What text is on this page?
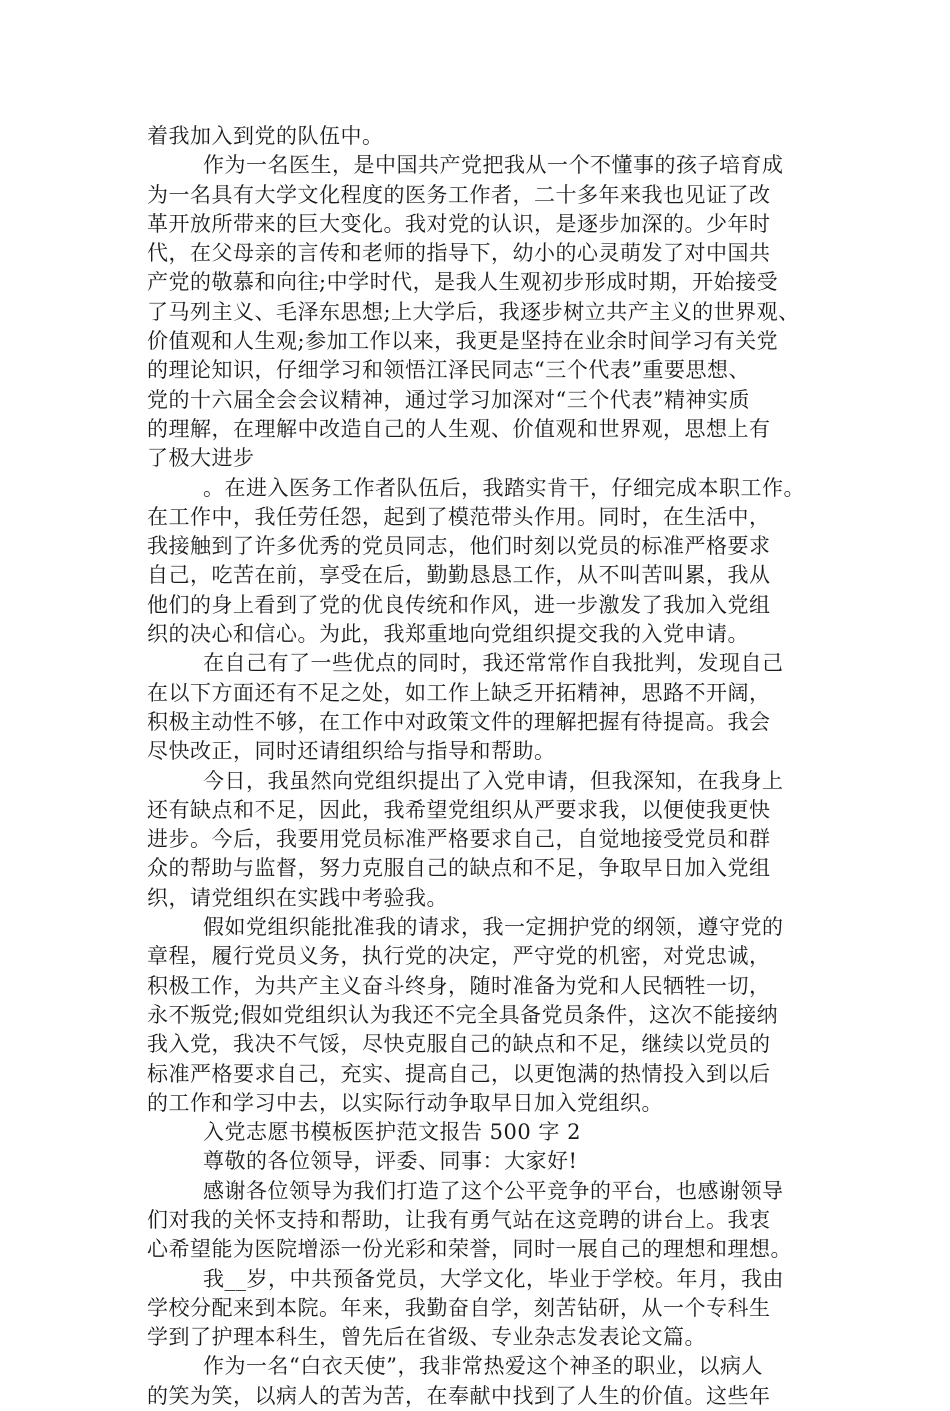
着我加入到党的队伍中。
作为一名医生，是中国共产党把我从一个不懂事的孩子培育成
为一名具有大学文化程度的医务工作者，二十多年来我也见证了改
革开放所带来的巨大变化。我对党的认识，是逐步加深的。少年时
代，在父母亲的言传和老师的指导下，幼小的心灵萌发了对中国共
产党的敬慕和向往;中学时代，是我人生观初步形成时期，开始接受
了马列主义、毛泽东思想;上大学后，我逐步树立共产主义的世界观、
价值观和人生观;参加工作以来，我更是坚持在业余时间学习有关党
的理论知识，仔细学习和领悟江泽民同志“三个代表”重要思想、
党的十六届全会会议精神，通过学习加深对“三个代表”精神实质
的理解，在理解中改造自己的人生观、价值观和世界观，思想上有
了极大进步
。在进入医务工作者队伍后，我踏实肯干，仔细完成本职工作。
在工作中，我任劳任怨，起到了模范带头作用。同时，在生活中，
我接触到了许多优秀的党员同志，他们时刻以党员的标准严格要求
自己，吃苦在前，享受在后，勤勤恳恳工作，从不叫苦叫累，我从
他们的身上看到了党的优良传统和作风，进一步激发了我加入党组
织的决心和信心。为此，我郑重地向党组织提交我的入党申请。
在自己有了一些优点的同时，我还常常作自我批判，发现自己
在以下方面还有不足之处，如工作上缺乏开拓精神，思路不开阔，
积极主动性不够，在工作中对政策文件的理解把握有待提高。我会
尽快改正，同时还请组织给与指导和帮助。
今日，我虽然向党组织提出了入党申请，但我深知，在我身上
还有缺点和不足，因此，我希望党组织从严要求我，以便使我更快
进步。今后，我要用党员标准严格要求自己，自觉地接受党员和群
众的帮助与监督，努力克服自己的缺点和不足，争取早日加入党组
织，请党组织在实践中考验我。
假如党组织能批准我的请求，我一定拥护党的纲领，遵守党的
章程，履行党员义务，执行党的决定，严守党的机密，对党忠诚，
积极工作，为共产主义奋斗终身，随时准备为党和人民牺牲一切，
永不叛党;假如党组织认为我还不完全具备党员条件，这次不能接纳
我入党，我决不气馁，尽快克服自己的缺点和不足，继续以党员的
标准严格要求自己，充实、提高自己，以更饱满的热情投入到以后
的工作和学习中去，以实际行动争取早日加入党组织。
入党志愿书模板医护范文报告 500 字 2
尊敬的各位领导，评委、同事：大家好!
感谢各位领导为我们打造了这个公平竞争的平台，也感谢领导
们对我的关怀支持和帮助，让我有勇气站在这竞聘的讲台上。我衷
心希望能为医院增添一份光彩和荣誉，同时一展自己的理想和理想。
我__岁，中共预备党员，大学文化，毕业于学校。年月，我由
学校分配来到本院。年来，我勤奋自学，刻苦钻研，从一个专科生
学到了护理本科生，曾先后在省级、专业杂志发表论文篇。
作为一名“白衣天使”，我非常热爱这个神圣的职业，以病人
的笑为笑，以病人的苦为苦，在奉献中找到了人生的价值。这些年
